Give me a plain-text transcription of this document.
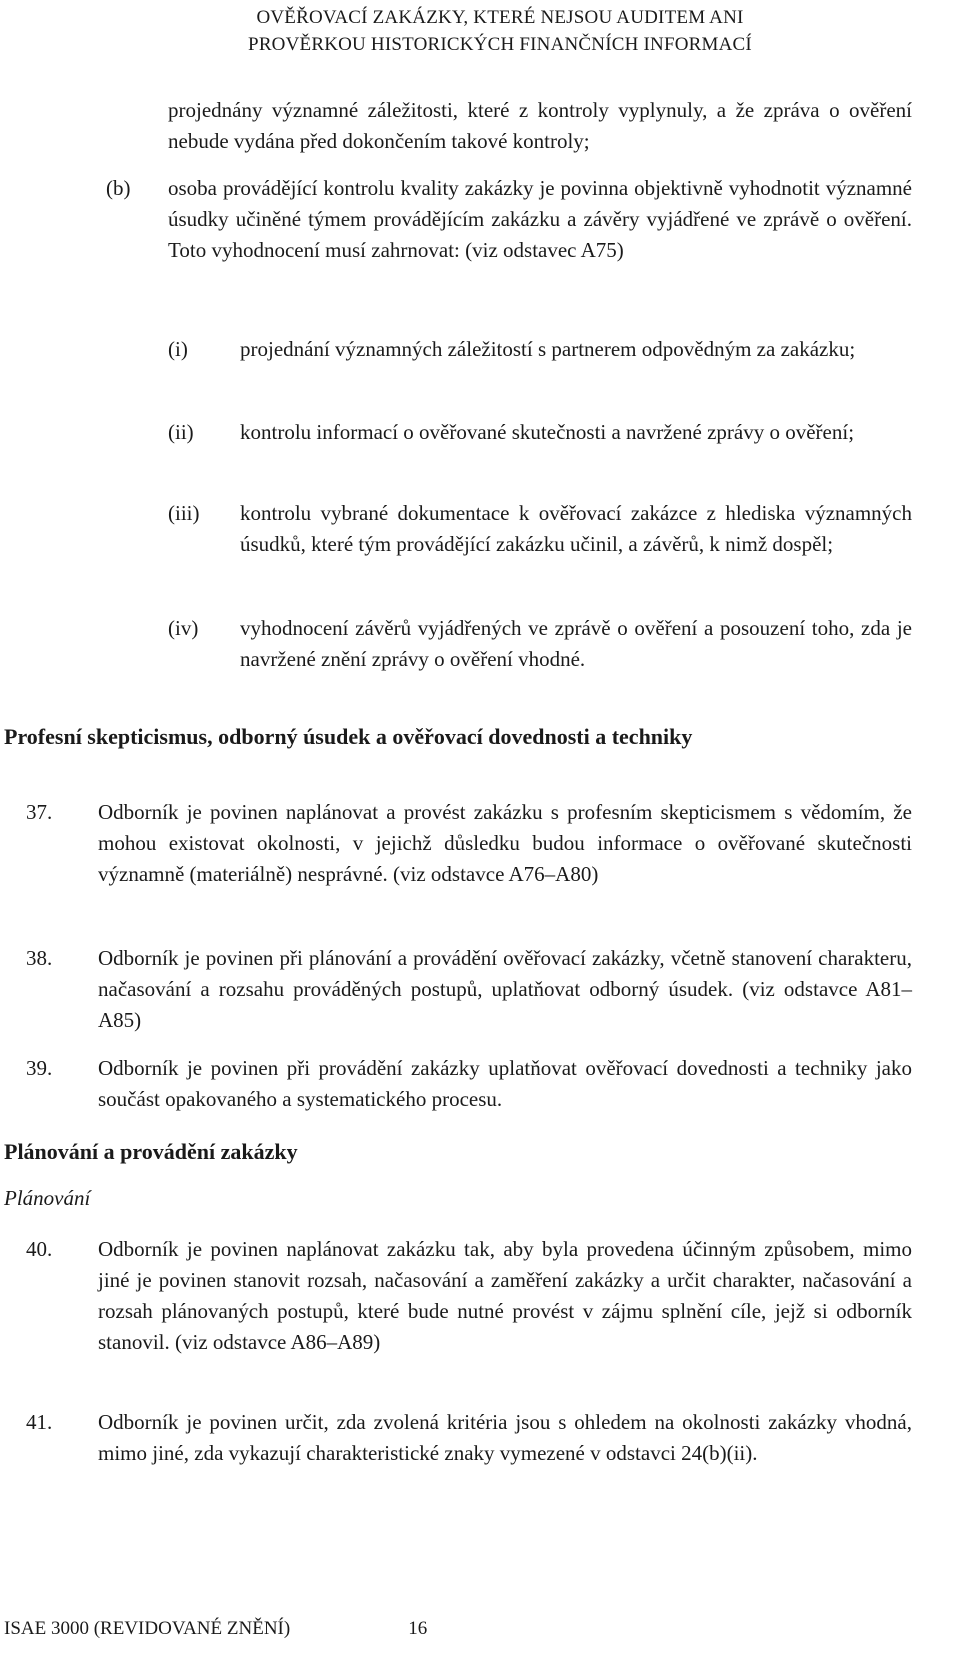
OVĚŘOVACÍ ZAKÁZKY, KTERÉ NEJSOU AUDITEM ANI
PROVĚRKOU HISTORICKÝCH FINANČNÍCH INFORMACÍ

projednány významné záležitosti, které z kontroly vyplynuly, a že zpráva o ověření nebude vydána před dokončením takové kontroly;

(b) osoba provádějící kontrolu kvality zakázky je povinna objektivně vyhodnotit významné úsudky učiněné týmem provádějícím zakázku a závěry vyjádřené ve zprávě o ověření. Toto vyhodnocení musí zahrnovat: (viz odstavec A75)

(i) projednání významných záležitostí s partnerem odpovědným za zakázku;

(ii) kontrolu informací o ověřované skutečnosti a navržené zprávy o ověření;

(iii) kontrolu vybrané dokumentace k ověřovací zakázce z hlediska významných úsudků, které tým provádějící zakázku učinil, a závěrů, k nimž dospěl;

(iv) vyhodnocení závěrů vyjádřených ve zprávě o ověření a posouzení toho, zda je navržené znění zprávy o ověření vhodné.

Profesní skepticismus, odborný úsudek a ověřovací dovednosti a techniky
37. Odborník je povinen naplánovat a provést zakázku s profesním skepticismem s vědomím, že mohou existovat okolnosti, v jejichž důsledku budou informace o ověřované skutečnosti významně (materiálně) nesprávné. (viz odstavce A76–A80)

38. Odborník je povinen při plánování a provádění ověřovací zakázky, včetně stanovení charakteru, načasování a rozsahu prováděných postupů, uplatňovat odborný úsudek. (viz odstavce A81–A85)

39. Odborník je povinen při provádění zakázky uplatňovat ověřovací dovednosti a techniky jako součást opakovaného a systematického procesu.

Plánování a provádění zakázky
Plánování
40. Odborník je povinen naplánovat zakázku tak, aby byla provedena účinným způsobem, mimo jiné je povinen stanovit rozsah, načasování a zaměření zakázky a určit charakter, načasování a rozsah plánovaných postupů, které bude nutné provést v zájmu splnění cíle, jejž si odborník stanovil. (viz odstavce A86–A89)

41. Odborník je povinen určit, zda zvolená kritéria jsou s ohledem na okolnosti zakázky vhodná, mimo jiné, zda vykazují charakteristické znaky vymezené v odstavci 24(b)(ii).

ISAE 3000 (REVIDOVANÉ ZNĚNÍ)	16
